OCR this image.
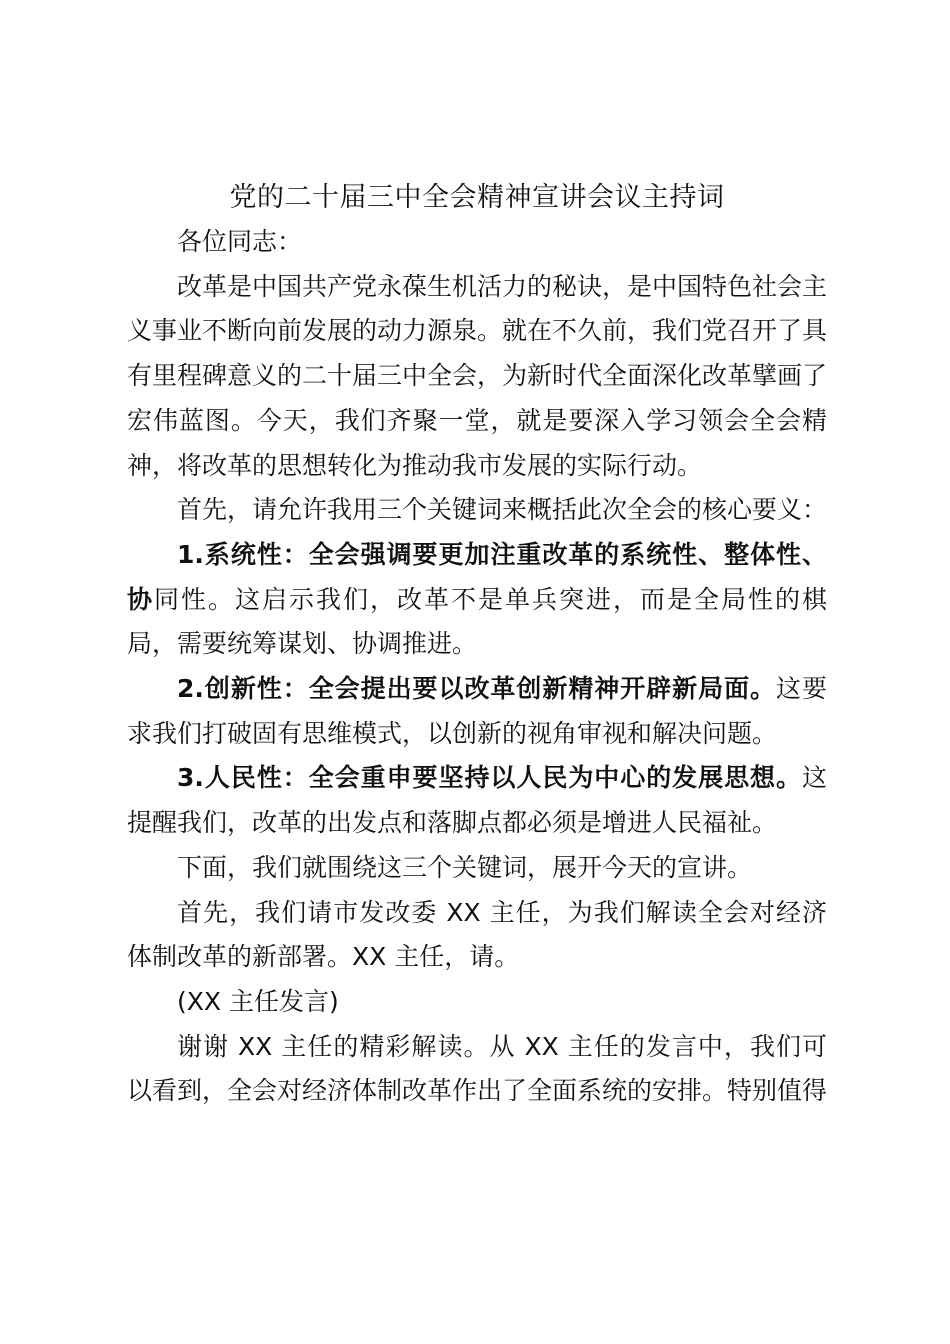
党的二十届三中全会精神宣讲会议主持词

各位同志：

改革是中国共产党永葆生机活力的秘诀，是中国特色社会主义事业不断向前发展的动力源泉。就在不久前，我们党召开了具有里程碑意义的二十届三中全会，为新时代全面深化改革擘画了宏伟蓝图。今天，我们齐聚一堂，就是要深入学习领会全会精神，将改革的思想转化为推动我市发展的实际行动。

首先，请允许我用三个关键词来概括此次全会的核心要义：

1.系统性：全会强调要更加注重改革的系统性、整体性、协同性。这启示我们，改革不是单兵突进，而是全局性的棋局，需要统筹谋划、协调推进。

2.创新性：全会提出要以改革创新精神开辟新局面。这要求我们打破固有思维模式，以创新的视角审视和解决问题。

3.人民性：全会重申要坚持以人民为中心的发展思想。这提醒我们，改革的出发点和落脚点都必须是增进人民福祉。

下面，我们就围绕这三个关键词，展开今天的宣讲。

首先，我们请市发改委 XX 主任，为我们解读全会对经济体制改革的新部署。XX 主任，请。

(XX 主任发言)

谢谢 XX 主任的精彩解读。从 XX 主任的发言中，我们可以看到，全会对经济体制改革作出了全面系统的安排。特别值得
